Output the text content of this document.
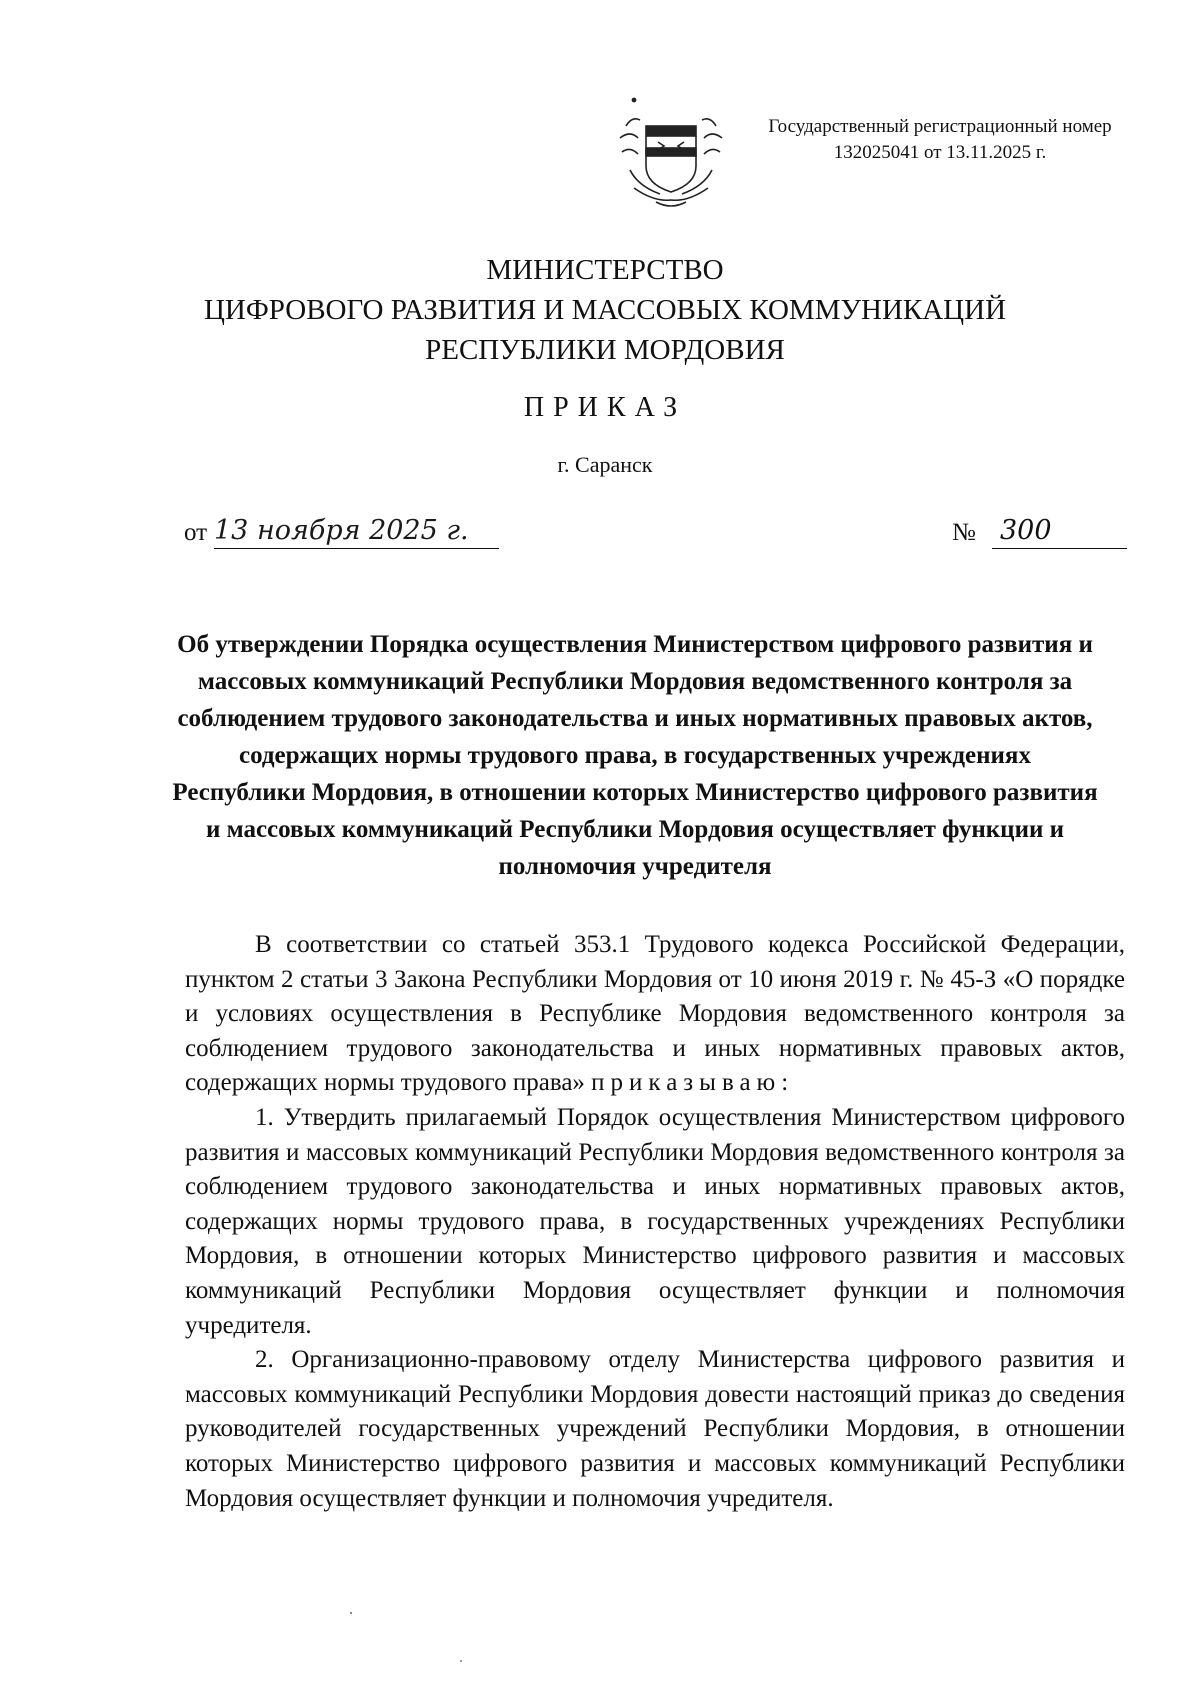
Государственный регистрационный номер
132025041 от 13.11.2025 г.
МИНИСТЕРСТВО
ЦИФРОВОГО РАЗВИТИЯ И МАССОВЫХ КОММУНИКАЦИЙ
РЕСПУБЛИКИ МОРДОВИЯ
ПРИКАЗ
г. Саранск
от 13 ноября 2025 г.	№ 300
Об утверждении Порядка осуществления Министерством цифрового развития и массовых коммуникаций Республики Мордовия ведомственного контроля за соблюдением трудового законодательства и иных нормативных правовых актов, содержащих нормы трудового права, в государственных учреждениях Республики Мордовия, в отношении которых Министерство цифрового развития и массовых коммуникаций Республики Мордовия осуществляет функции и полномочия учредителя

В соответствии со статьей 353.1 Трудового кодекса Российской Федерации, пунктом 2 статьи 3 Закона Республики Мордовия от 10 июня 2019 г. № 45-З «О порядке и условиях осуществления в Республике Мордовия ведомственного контроля за соблюдением трудового законодательства и иных нормативных правовых актов, содержащих нормы трудового права» приказываю:

1. Утвердить прилагаемый Порядок осуществления Министерством цифрового развития и массовых коммуникаций Республики Мордовия ведомственного контроля за соблюдением трудового законодательства и иных нормативных правовых актов, содержащих нормы трудового права, в государственных учреждениях Республики Мордовия, в отношении которых Министерство цифрового развития и массовых коммуникаций Республики Мордовия осуществляет функции и полномочия учредителя.

2. Организационно-правовому отделу Министерства цифрового развития и массовых коммуникаций Республики Мордовия довести настоящий приказ до сведения руководителей государственных учреждений Республики Мордовия, в отношении которых Министерство цифрового развития и массовых коммуникаций Республики Мордовия осуществляет функции и полномочия учредителя.
